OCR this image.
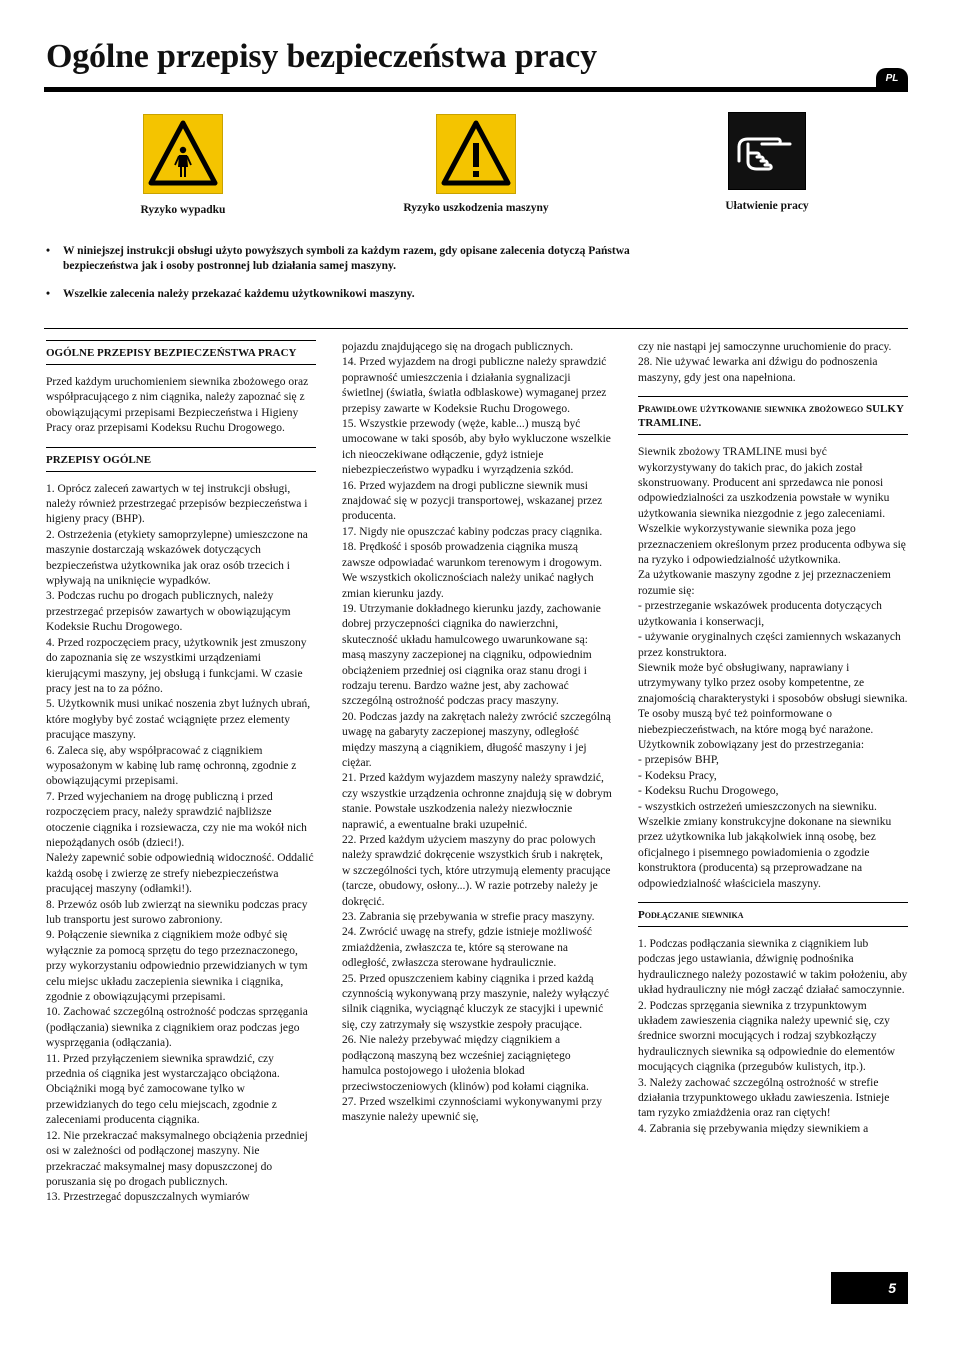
Ogólne przepisy bezpieczeństwa pracy
PL
Ryzyko wypadku	Ryzyko uszkodzenia maszyny	Ułatwienie pracy
• W niniejszej instrukcji obsługi użyto powyższych symboli za każdym razem, gdy opisane zalecenia dotyczą Państwa bezpieczeństwa jak i osoby postronnej lub działania samej maszyny.
• Wszelkie zalecenia należy przekazać każdemu użytkownikowi maszyny.

OGÓLNE PRZEPISY BEZPIECZEŃSTWA PRACY

Przed każdym uruchomieniem siewnika zbożowego oraz współpracującego z nim ciągnika, należy zapoznać się z obowiązującymi przepisami Bezpieczeństwa i Higieny Pracy oraz przepisami Kodeksu Ruchu Drogowego.

PRZEPISY OGÓLNE

1. Oprócz zaleceń zawartych w tej instrukcji obsługi, należy również przestrzegać przepisów bezpieczeństwa i higieny pracy (BHP).

2. Ostrzeżenia (etykiety samoprzylepne) umieszczone na maszynie dostarczają wskazówek dotyczących bezpieczeństwa użytkownika jak oraz osób trzecich i wpływają na uniknięcie wypadków.

3. Podczas ruchu po drogach publicznych, należy przestrzegać przepisów zawartych w obowiązującym Kodeksie Ruchu Drogowego.

4. Przed rozpoczęciem pracy, użytkownik jest zmuszony do zapoznania się ze wszystkimi urządzeniami kierującymi maszyny, jej obsługą i funkcjami. W czasie pracy jest na to za późno.

5. Użytkownik musi unikać noszenia zbyt luźnych ubrań, które mogłyby być zostać wciągnięte przez elementy pracujące maszyny.

6. Zaleca się, aby współpracować z ciągnikiem wyposażonym w kabinę lub ramę ochronną, zgodnie z obowiązującymi przepisami.

7. Przed wyjechaniem na drogę publiczną i przed rozpoczęciem pracy, należy sprawdzić najbliższe otoczenie ciągnika i rozsiewacza, czy nie ma wokół nich niepożądanych osób (dzieci!).

Należy zapewnić sobie odpowiednią widoczność. Oddalić każdą osobę i zwierzę ze strefy niebezpieczeństwa pracującej maszyny (odłamki!).

8. Przewóz osób lub zwierząt na siewniku podczas pracy lub transportu jest surowo zabroniony.

9. Połączenie siewnika z ciągnikiem może odbyć się wyłącznie za pomocą sprzętu do tego przeznaczonego, przy wykorzystaniu odpowiednio przewidzianych w tym celu miejsc układu zaczepienia siewnika i ciągnika, zgodnie z obowiązującymi przepisami.

10. Zachować szczególną ostrożność podczas sprzęgania (podłączania) siewnika z ciągnikiem oraz podczas jego wysprzęgania (odłączania).

11. Przed przyłączeniem siewnika sprawdzić, czy przednia oś ciągnika jest wystarczająco obciążona. Obciążniki mogą być zamocowane tylko w przewidzianych do tego celu miejscach, zgodnie z zaleceniami producenta ciągnika.

12. Nie przekraczać maksymalnego obciążenia przedniej osi w zależności od podłączonej maszyny. Nie przekraczać maksymalnej masy dopuszczonej do poruszania się po drogach publicznych.

13. Przestrzegać dopuszczalnych wymiarów

pojazdu znajdującego się na drogach publicznych.

14. Przed wyjazdem na drogi publiczne należy sprawdzić poprawność umieszczenia i działania sygnalizacji świetlnej (światła, światła odblaskowe) wymaganej przez przepisy zawarte w Kodeksie Ruchu Drogowego.

15. Wszystkie przewody (węże, kable...) muszą być umocowane w taki sposób, aby było wykluczone wszelkie ich nieoczekiwane odłączenie, gdyż istnieje niebezpieczeństwo wypadku i wyrządzenia szkód.

16. Przed wyjazdem na drogi publiczne siewnik musi znajdować się w pozycji transportowej, wskazanej przez producenta.

17. Nigdy nie opuszczać kabiny podczas pracy ciągnika.

18. Prędkość i sposób prowadzenia ciągnika muszą zawsze odpowiadać warunkom terenowym i drogowym. We wszystkich okolicznościach należy unikać nagłych zmian kierunku jazdy.

19. Utrzymanie dokładnego kierunku jazdy, zachowanie dobrej przyczepności ciągnika do nawierzchni, skuteczność układu hamulcowego uwarunkowane są: masą maszyny zaczepionej na ciągniku, odpowiednim obciążeniem przedniej osi ciągnika oraz stanu drogi i rodzaju terenu. Bardzo ważne jest, aby zachować szczególną ostrożność podczas pracy maszyny.

20. Podczas jazdy na zakrętach należy zwrócić szczególną uwagę na gabaryty zaczepionej maszyny, odległość między maszyną a ciągnikiem, długość maszyny i jej ciężar.

21. Przed każdym wyjazdem maszyny należy sprawdzić, czy wszystkie urządzenia ochronne znajdują się w dobrym stanie. Powstałe uszkodzenia należy niezwłocznie naprawić, a ewentualne braki uzupełnić.

22. Przed każdym użyciem maszyny do prac polowych należy sprawdzić dokręcenie wszystkich śrub i nakrętek, w szczególności tych, które utrzymują elementy pracujące (tarcze, obudowy, osłony...). W razie potrzeby należy je dokręcić.

23. Zabrania się przebywania w strefie pracy maszyny.

24. Zwrócić uwagę na strefy, gdzie istnieje możliwość zmiażdżenia, zwłaszcza te, które są sterowane na odległość, zwłaszcza sterowane hydraulicznie.

25. Przed opuszczeniem kabiny ciągnika i przed każdą czynnością wykonywaną przy maszynie, należy wyłączyć silnik ciągnika, wyciągnąć kluczyk ze stacyjki i upewnić się, czy zatrzymały się wszystkie zespoły pracujące.

26. Nie należy przebywać między ciągnikiem a podłączoną maszyną bez wcześniej zaciągniętego hamulca postojowego i ułożenia blokad przeciwstoczeniowych (klinów) pod kołami ciągnika.

27. Przed wszelkimi czynnościami wykonywanymi przy maszynie należy upewnić się,

czy nie nastąpi jej samoczynne uruchomienie do pracy.

28. Nie używać lewarka ani dźwigu do podnoszenia maszyny, gdy jest ona napełniona.

Prawidłowe użytkowanie siewnika zbożowego SULKY TRAMLINE.

Siewnik zbożowy TRAMLINE musi być wykorzystywany do takich prac, do jakich został skonstruowany. Producent ani sprzedawca nie ponosi odpowiedzialności za uszkodzenia powstałe w wyniku użytkowania siewnika niezgodnie z jego zaleceniami.

Wszelkie wykorzystywanie siewnika poza jego przeznaczeniem określonym przez producenta odbywa się na ryzyko i odpowiedzialność użytkownika.

Za użytkowanie maszyny zgodne z jej przeznaczeniem rozumie się:

- przestrzeganie wskazówek producenta dotyczących użytkowania i konserwacji,

- używanie oryginalnych części zamiennych wskazanych przez konstruktora.

Siewnik może być obsługiwany, naprawiany i utrzymywany tylko przez osoby kompetentne, ze znajomością charakterystyki i sposobów obsługi siewnika. Te osoby muszą być też poinformowane o niebezpieczeństwach, na które mogą być narażone.

Użytkownik zobowiązany jest do przestrzegania:

- przepisów BHP,

- Kodeksu Pracy,

- Kodeksu Ruchu Drogowego,

- wszystkich ostrzeżeń umieszczonych na siewniku.

Wszelkie zmiany konstrukcyjne dokonane na siewniku przez użytkownika lub jakąkolwiek inną osobę, bez oficjalnego i pisemnego powiadomienia o zgodzie konstruktora (producenta) są przeprowadzane na odpowiedzialność właściciela maszyny.

Podłączanie siewnika

1. Podczas podłączania siewnika z ciągnikiem lub podczas jego ustawiania, dźwignię podnośnika hydraulicznego należy pozostawić w takim położeniu, aby układ hydrauliczny nie mógł zacząć działać samoczynnie.

2. Podczas sprzęgania siewnika z trzypunktowym układem zawieszenia ciągnika należy upewnić się, czy średnice sworzni mocujących i rodzaj szybkozłączy hydraulicznych siewnika są odpowiednie do elementów mocujących ciągnika (przegubów kulistych, itp.).

3. Należy zachować szczególną ostrożność w strefie działania trzypunktowego układu zawieszenia. Istnieje tam ryzyko zmiażdżenia oraz ran ciętych!

4. Zabrania się przebywania między siewnikiem a

5
